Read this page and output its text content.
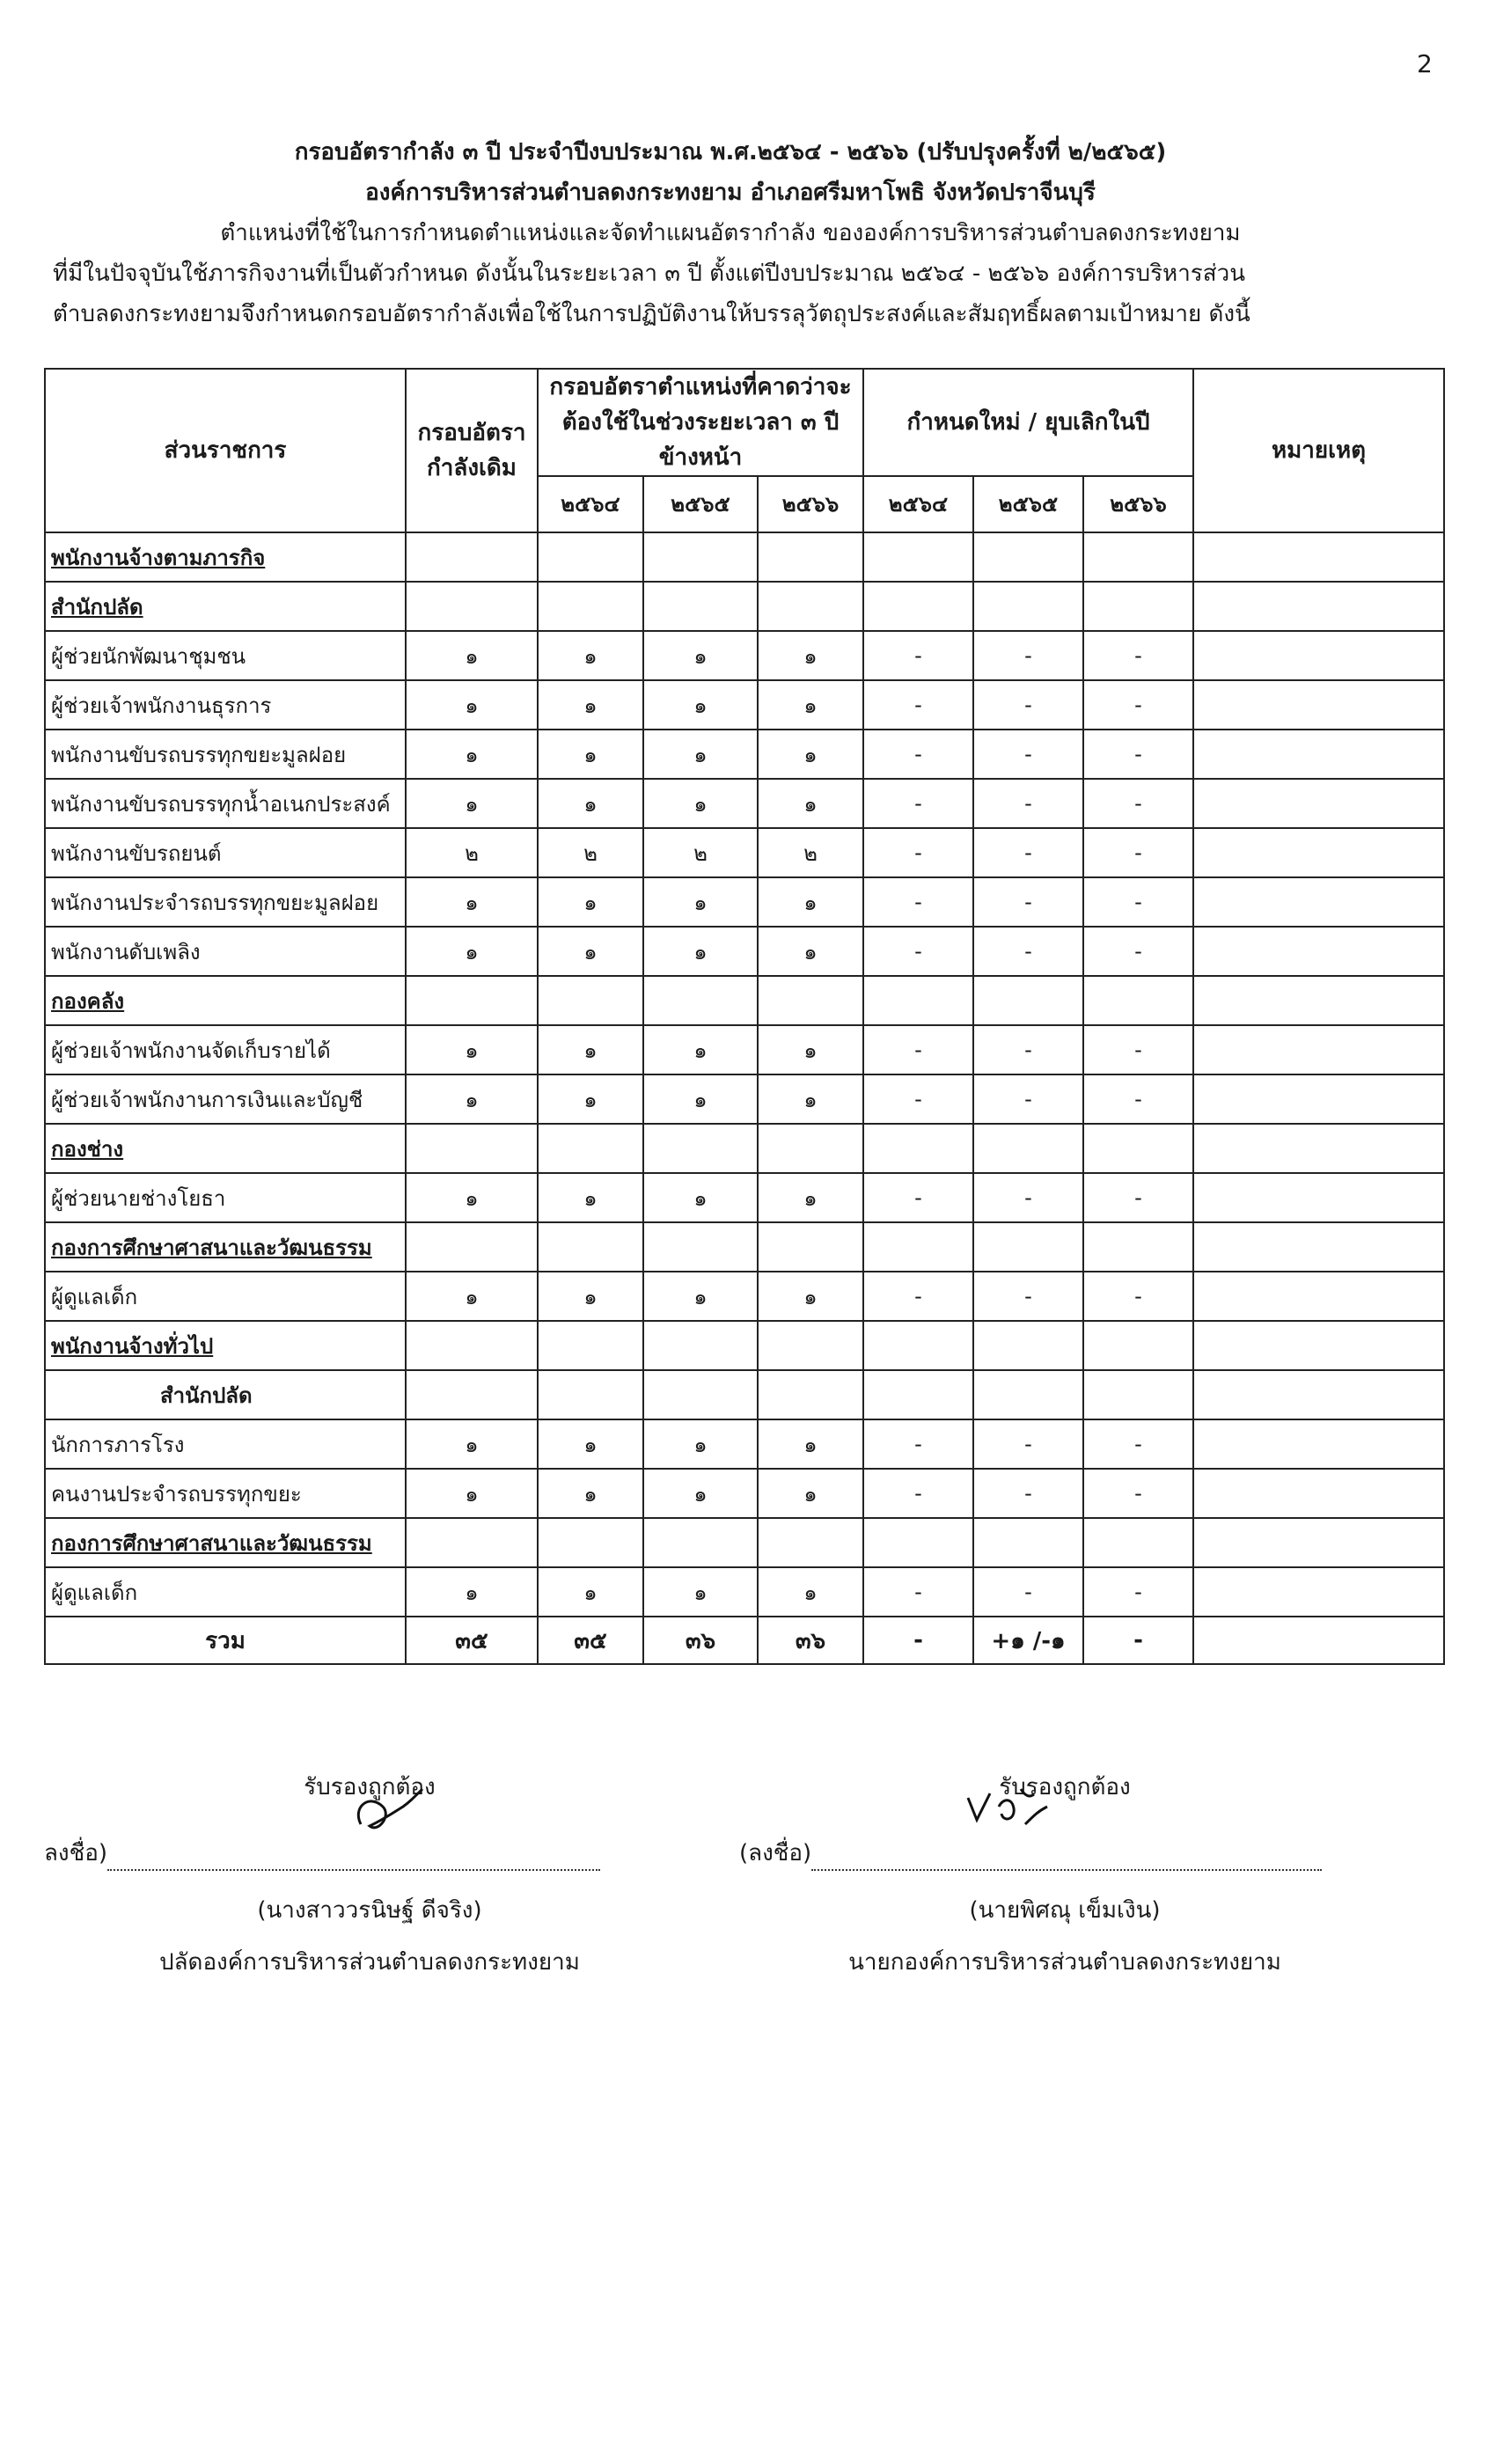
2

กรอบอัตรากำลัง ๓ ปี ประจำปีงบประมาณ พ.ศ.๒๕๖๔ - ๒๕๖๖ (ปรับปรุงครั้งที่ ๒/๒๕๖๕)

องค์การบริหารส่วนตำบลดงกระทงยาม อำเภอศรีมหาโพธิ จังหวัดปราจีนบุรี

ตำแหน่งที่ใช้ในการกำหนดตำแหน่งและจัดทำแผนอัตรากำลัง ขององค์การบริหารส่วนตำบลดงกระทงยาม

ที่มีในปัจจุบันใช้ภารกิจงานที่เป็นตัวกำหนด ดังนั้นในระยะเวลา ๓ ปี ตั้งแต่ปีงบประมาณ ๒๕๖๔ - ๒๕๖๖ องค์การบริหารส่วน

ตำบลดงกระทงยามจึงกำหนดกรอบอัตรากำลังเพื่อใช้ในการปฏิบัติงานให้บรรลุวัตถุประสงค์และสัมฤทธิ์ผลตามเป้าหมาย ดังนี้

ส่วนราชการ	กรอบอัตรากำลังเดิม	กรอบอัตราตำแหน่งที่คาดว่าจะต้องใช้ในช่วงระยะเวลา ๓ ปีข้างหน้า			กำหนดใหม่ / ยุบเลิกในปี			หมายเหตุ
		๒๕๖๔	๒๕๖๕	๒๕๖๖	๒๕๖๔	๒๕๖๕	๒๕๖๖	
พนักงานจ้างตามภารกิจ								
สำนักปลัด								
ผู้ช่วยนักพัฒนาชุมชน	๑	๑	๑	๑	-	-	-	
ผู้ช่วยเจ้าพนักงานธุรการ	๑	๑	๑	๑	-	-	-	
พนักงานขับรถบรรทุกขยะมูลฝอย	๑	๑	๑	๑	-	-	-	
พนักงานขับรถบรรทุกน้ำอเนกประสงค์	๑	๑	๑	๑	-	-	-	
พนักงานขับรถยนต์	๒	๒	๒	๒	-	-	-	
พนักงานประจำรถบรรทุกขยะมูลฝอย	๑	๑	๑	๑	-	-	-	
พนักงานดับเพลิง	๑	๑	๑	๑	-	-	-	
กองคลัง								
ผู้ช่วยเจ้าพนักงานจัดเก็บรายได้	๑	๑	๑	๑	-	-	-	
ผู้ช่วยเจ้าพนักงานการเงินและบัญชี	๑	๑	๑	๑	-	-	-	
กองช่าง								
ผู้ช่วยนายช่างโยธา	๑	๑	๑	๑	-	-	-	
กองการศึกษาศาสนาและวัฒนธรรม								
ผู้ดูแลเด็ก	๑	๑	๑	๑	-	-	-	
พนักงานจ้างทั่วไป								
สำนักปลัด								
นักการภารโรง	๑	๑	๑	๑	-	-	-	
คนงานประจำรถบรรทุกขยะ	๑	๑	๑	๑	-	-	-	
กองการศึกษาศาสนาและวัฒนธรรม								
ผู้ดูแลเด็ก	๑	๑	๑	๑	-	-	-	
รวม	๓๕	๓๕	๓๖	๓๖	-	+๑ /-๑	-	
รับรองถูกต้อง
ลงชื่อ)
(นางสาววรนิษฐ์ ดีจริง)
ปลัดองค์การบริหารส่วนตำบลดงกระทงยาม
รับรองถูกต้อง
(ลงชื่อ)
(นายพิศณุ เข็มเงิน)
นายกองค์การบริหารส่วนตำบลดงกระทงยาม
